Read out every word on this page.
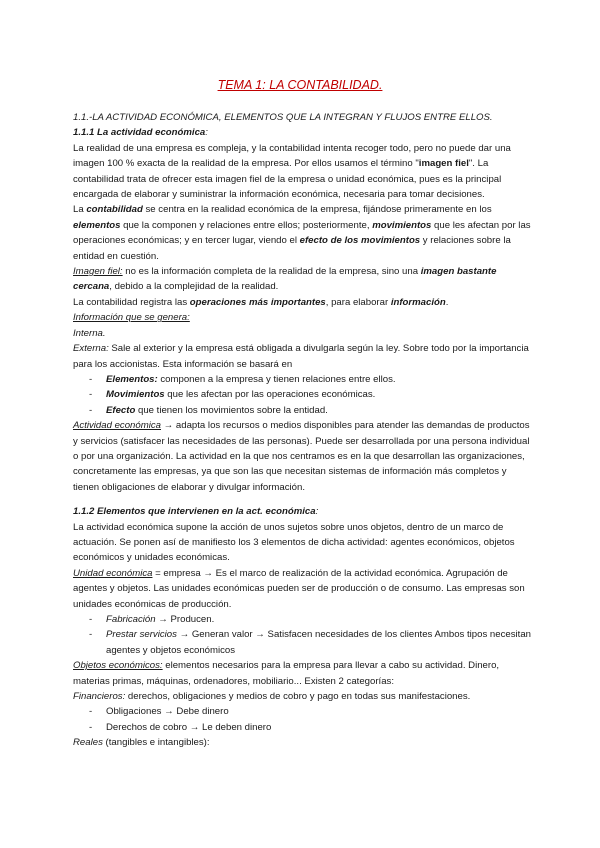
TEMA 1: LA CONTABILIDAD.

1.1.-LA ACTIVIDAD ECONÓMICA, ELEMENTOS QUE LA INTEGRAN Y FLUJOS ENTRE ELLOS.

1.1.1 La actividad económica:

La realidad de una empresa es compleja, y la contabilidad intenta recoger todo, pero no puede dar una imagen 100 % exacta de la realidad de la empresa. Por ellos usamos el término "imagen fiel". La contabilidad trata de ofrecer esta imagen fiel de la empresa o unidad económica, pues es la principal encargada de elaborar y suministrar la información económica, necesaria para tomar decisiones.

La contabilidad se centra en la realidad económica de la empresa, fijándose primeramente en los elementos que la componen y relaciones entre ellos; posteriormente, movimientos que les afectan por las operaciones económicas; y en tercer lugar, viendo el efecto de los movimientos y relaciones sobre la entidad en cuestión.

Imagen fiel: no es la información completa de la realidad de la empresa, sino una imagen bastante cercana, debido a la complejidad de la realidad.

La contabilidad registra las operaciones más importantes, para elaborar información.

Información que se genera:

Interna.

Externa: Sale al exterior y la empresa está obligada a divulgarla según la ley. Sobre todo por la importancia para los accionistas. Esta información se basará en

- Elementos: componen a la empresa y tienen relaciones entre ellos.
- Movimientos que les afectan por las operaciones económicas.
- Efecto que tienen los movimientos sobre la entidad.

Actividad económica → adapta los recursos o medios disponibles para atender las demandas de productos y servicios (satisfacer las necesidades de las personas). Puede ser desarrollada por una persona individual o por una organización. La actividad en la que nos centramos es en la que desarrollan las organizaciones, concretamente las empresas, ya que son las que necesitan sistemas de información más completos y tienen obligaciones de elaborar y divulgar información.

1.1.2 Elementos que intervienen en la act. económica:

La actividad económica supone la acción de unos sujetos sobre unos objetos, dentro de un marco de actuación. Se ponen así de manifiesto los 3 elementos de dicha actividad: agentes económicos, objetos económicos y unidades económicas.

Unidad económica = empresa → Es el marco de realización de la actividad económica. Agrupación de agentes y objetos. Las unidades económicas pueden ser de producción o de consumo. Las empresas son unidades económicas de producción.

- Fabricación → Producen.
- Prestar servicios → Generan valor → Satisfacen necesidades de los clientes Ambos tipos necesitan agentes y objetos económicos

Objetos económicos: elementos necesarios para la empresa para llevar a cabo su actividad. Dinero, materias primas, máquinas, ordenadores, mobiliario... Existen 2 categorías:

Financieros: derechos, obligaciones y medios de cobro y pago en todas sus manifestaciones.

- Obligaciones → Debe dinero
- Derechos de cobro → Le deben dinero

Reales (tangibles e intangibles):
